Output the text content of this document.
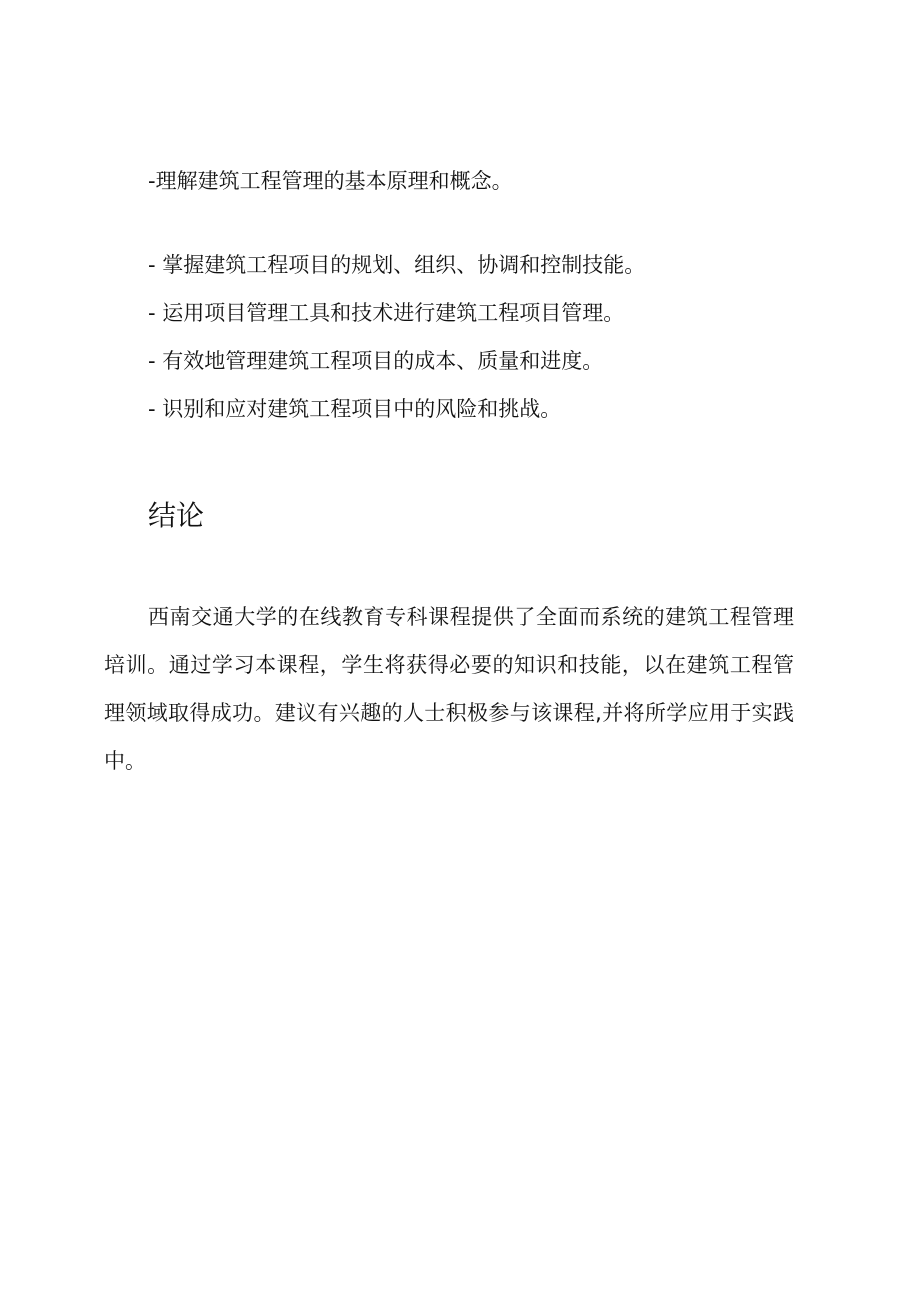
-理解建筑工程管理的基本原理和概念。
- 掌握建筑工程项目的规划、组织、协调和控制技能。
- 运用项目管理工具和技术进行建筑工程项目管理。
- 有效地管理建筑工程项目的成本、质量和进度。
- 识别和应对建筑工程项目中的风险和挑战。
结论

西南交通大学的在线教育专科课程提供了全面而系统的建筑工程管理培训。通过学习本课程，学生将获得必要的知识和技能，以在建筑工程管理领域取得成功。建议有兴趣的人士积极参与该课程,并将所学应用于实践中。
